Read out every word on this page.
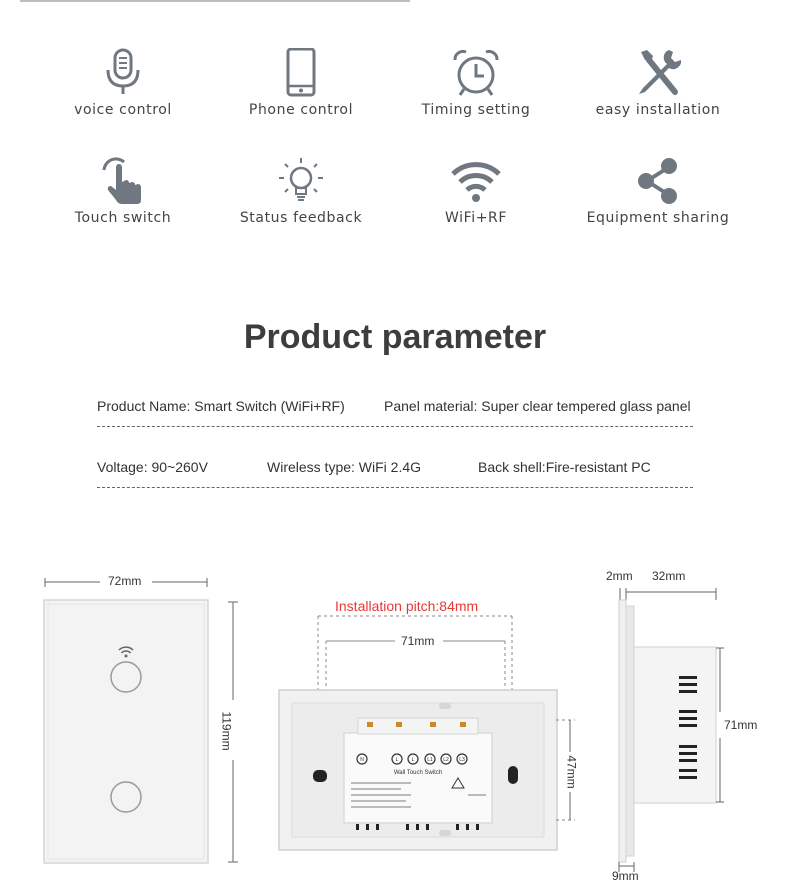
voice control	Phone control	Timing setting	easy installation
Touch switch	Status feedback	WiFi+RF	Equipment sharing
Product parameter
Product Name: Smart Switch (WiFi+RF)	Panel material: Super clear tempered glass panel
Voltage: 90~260V	Wireless type: WiFi 2.4G	Back shell:Fire-resistant PC
N	L	L	L1 L2 L3
Wall Touch Switch
72mm
119mm
Installation pitch:84mm
71mm
47mm
2mm 32mm
71mm
9mm
